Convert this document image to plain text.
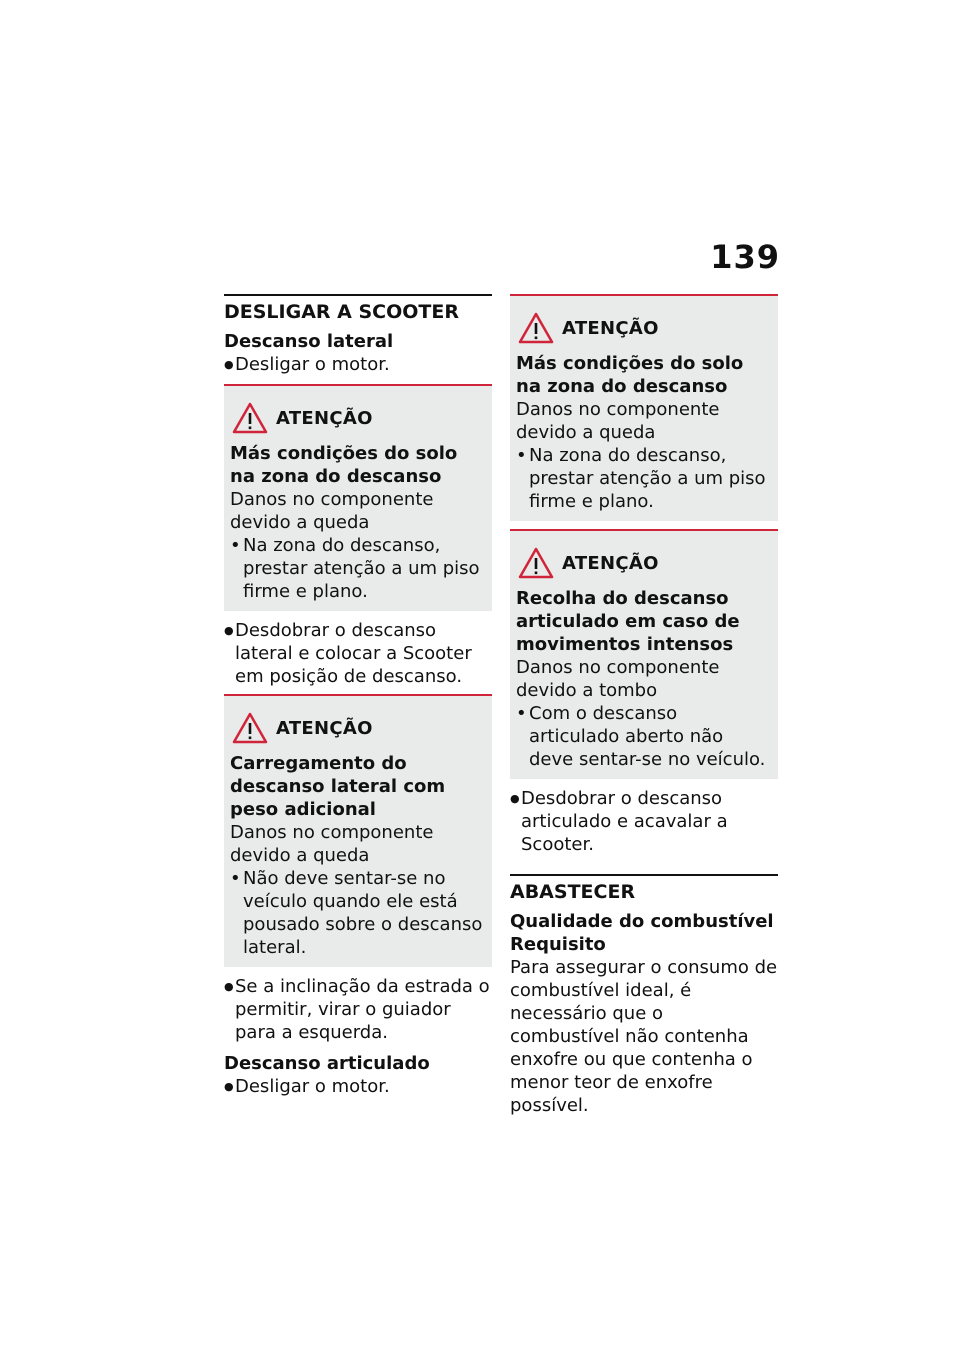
139
DESLIGAR A SCOOTER
Descanso lateral
●
Desligar o motor.
ATENÇÃO
Más condições do solo na zona do descanso
Danos no componente devido a queda
•
Na zona do descanso, prestar atenção a um piso firme e plano.
●
Desdobrar o descanso lateral e colocar a Scooter em posição de descanso.
ATENÇÃO
Carregamento do descanso lateral com peso adicional
Danos no componente devido a queda
•
Não deve sentar-se no veículo quando ele está pousado sobre o descanso lateral.
●
Se a inclinação da estrada o permitir, virar o guiador para a esquerda.
Descanso articulado
●
Desligar o motor.
ATENÇÃO
Más condições do solo na zona do descanso
Danos no componente devido a queda
•
Na zona do descanso, prestar atenção a um piso firme e plano.
ATENÇÃO
Recolha do descanso articulado em caso de movimentos intensos
Danos no componente devido a tombo
•
Com o descanso articulado aberto não deve sentar-se no veículo.
●
Desdobrar o descanso articulado e acavalar a Scooter.
ABASTECER
Qualidade do combustível
Requisito
Para assegurar o consumo de combustível ideal, é necessário que o combustível não contenha enxofre ou que contenha o menor teor de enxofre possível.
